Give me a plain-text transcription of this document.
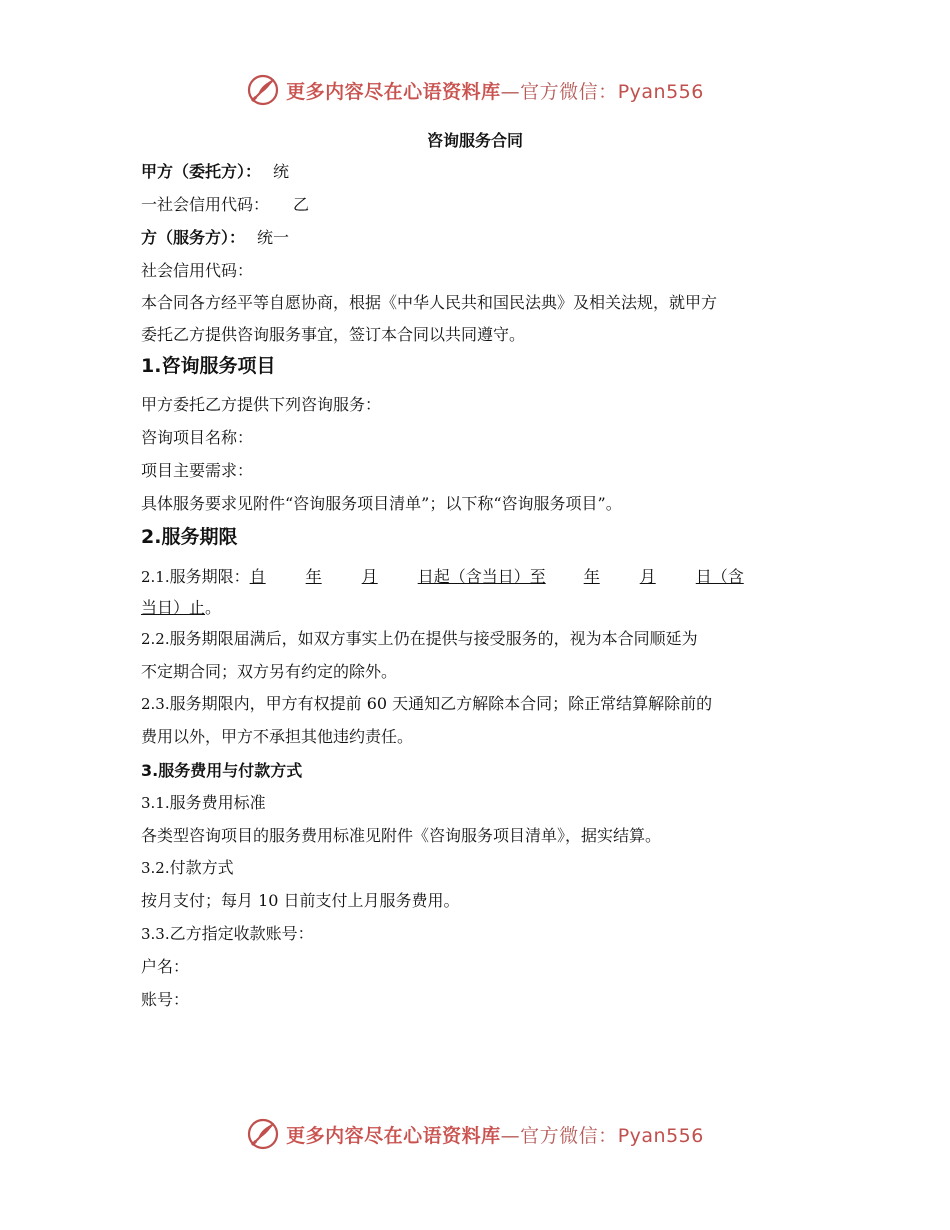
更多内容尽在心语资料库—官方微信：Pyan556
咨询服务合同
甲方（委托方）： 统
一社会信用代码： 乙
方（服务方）： 统一
社会信用代码：
本合同各方经平等自愿协商，根据《中华人民共和国民法典》及相关法规，就甲方
委托乙方提供咨询服务事宜，签订本合同以共同遵守。
1.咨询服务项目
甲方委托乙方提供下列咨询服务：
咨询项目名称：
项目主要需求：
具体服务要求见附件“咨询服务项目清单”；以下称“咨询服务项目”。
2.服务期限
2.1.服务期限：自	年	月	日起（含当日）至 年	月	日（含
当日）止。
2.2.服务期限届满后，如双方事实上仍在提供与接受服务的，视为本合同顺延为
不定期合同；双方另有约定的除外。
2.3.服务期限内，甲方有权提前 60 天通知乙方解除本合同；除正常结算解除前的
费用以外，甲方不承担其他违约责任。
3.服务费用与付款方式
3.1.服务费用标准
各类型咨询项目的服务费用标准见附件《咨询服务项目清单》，据实结算。
3.2.付款方式
按月支付；每月 10 日前支付上月服务费用。
3.3.乙方指定收款账号：
户名：
账号：
更多内容尽在心语资料库—官方微信：Pyan556
